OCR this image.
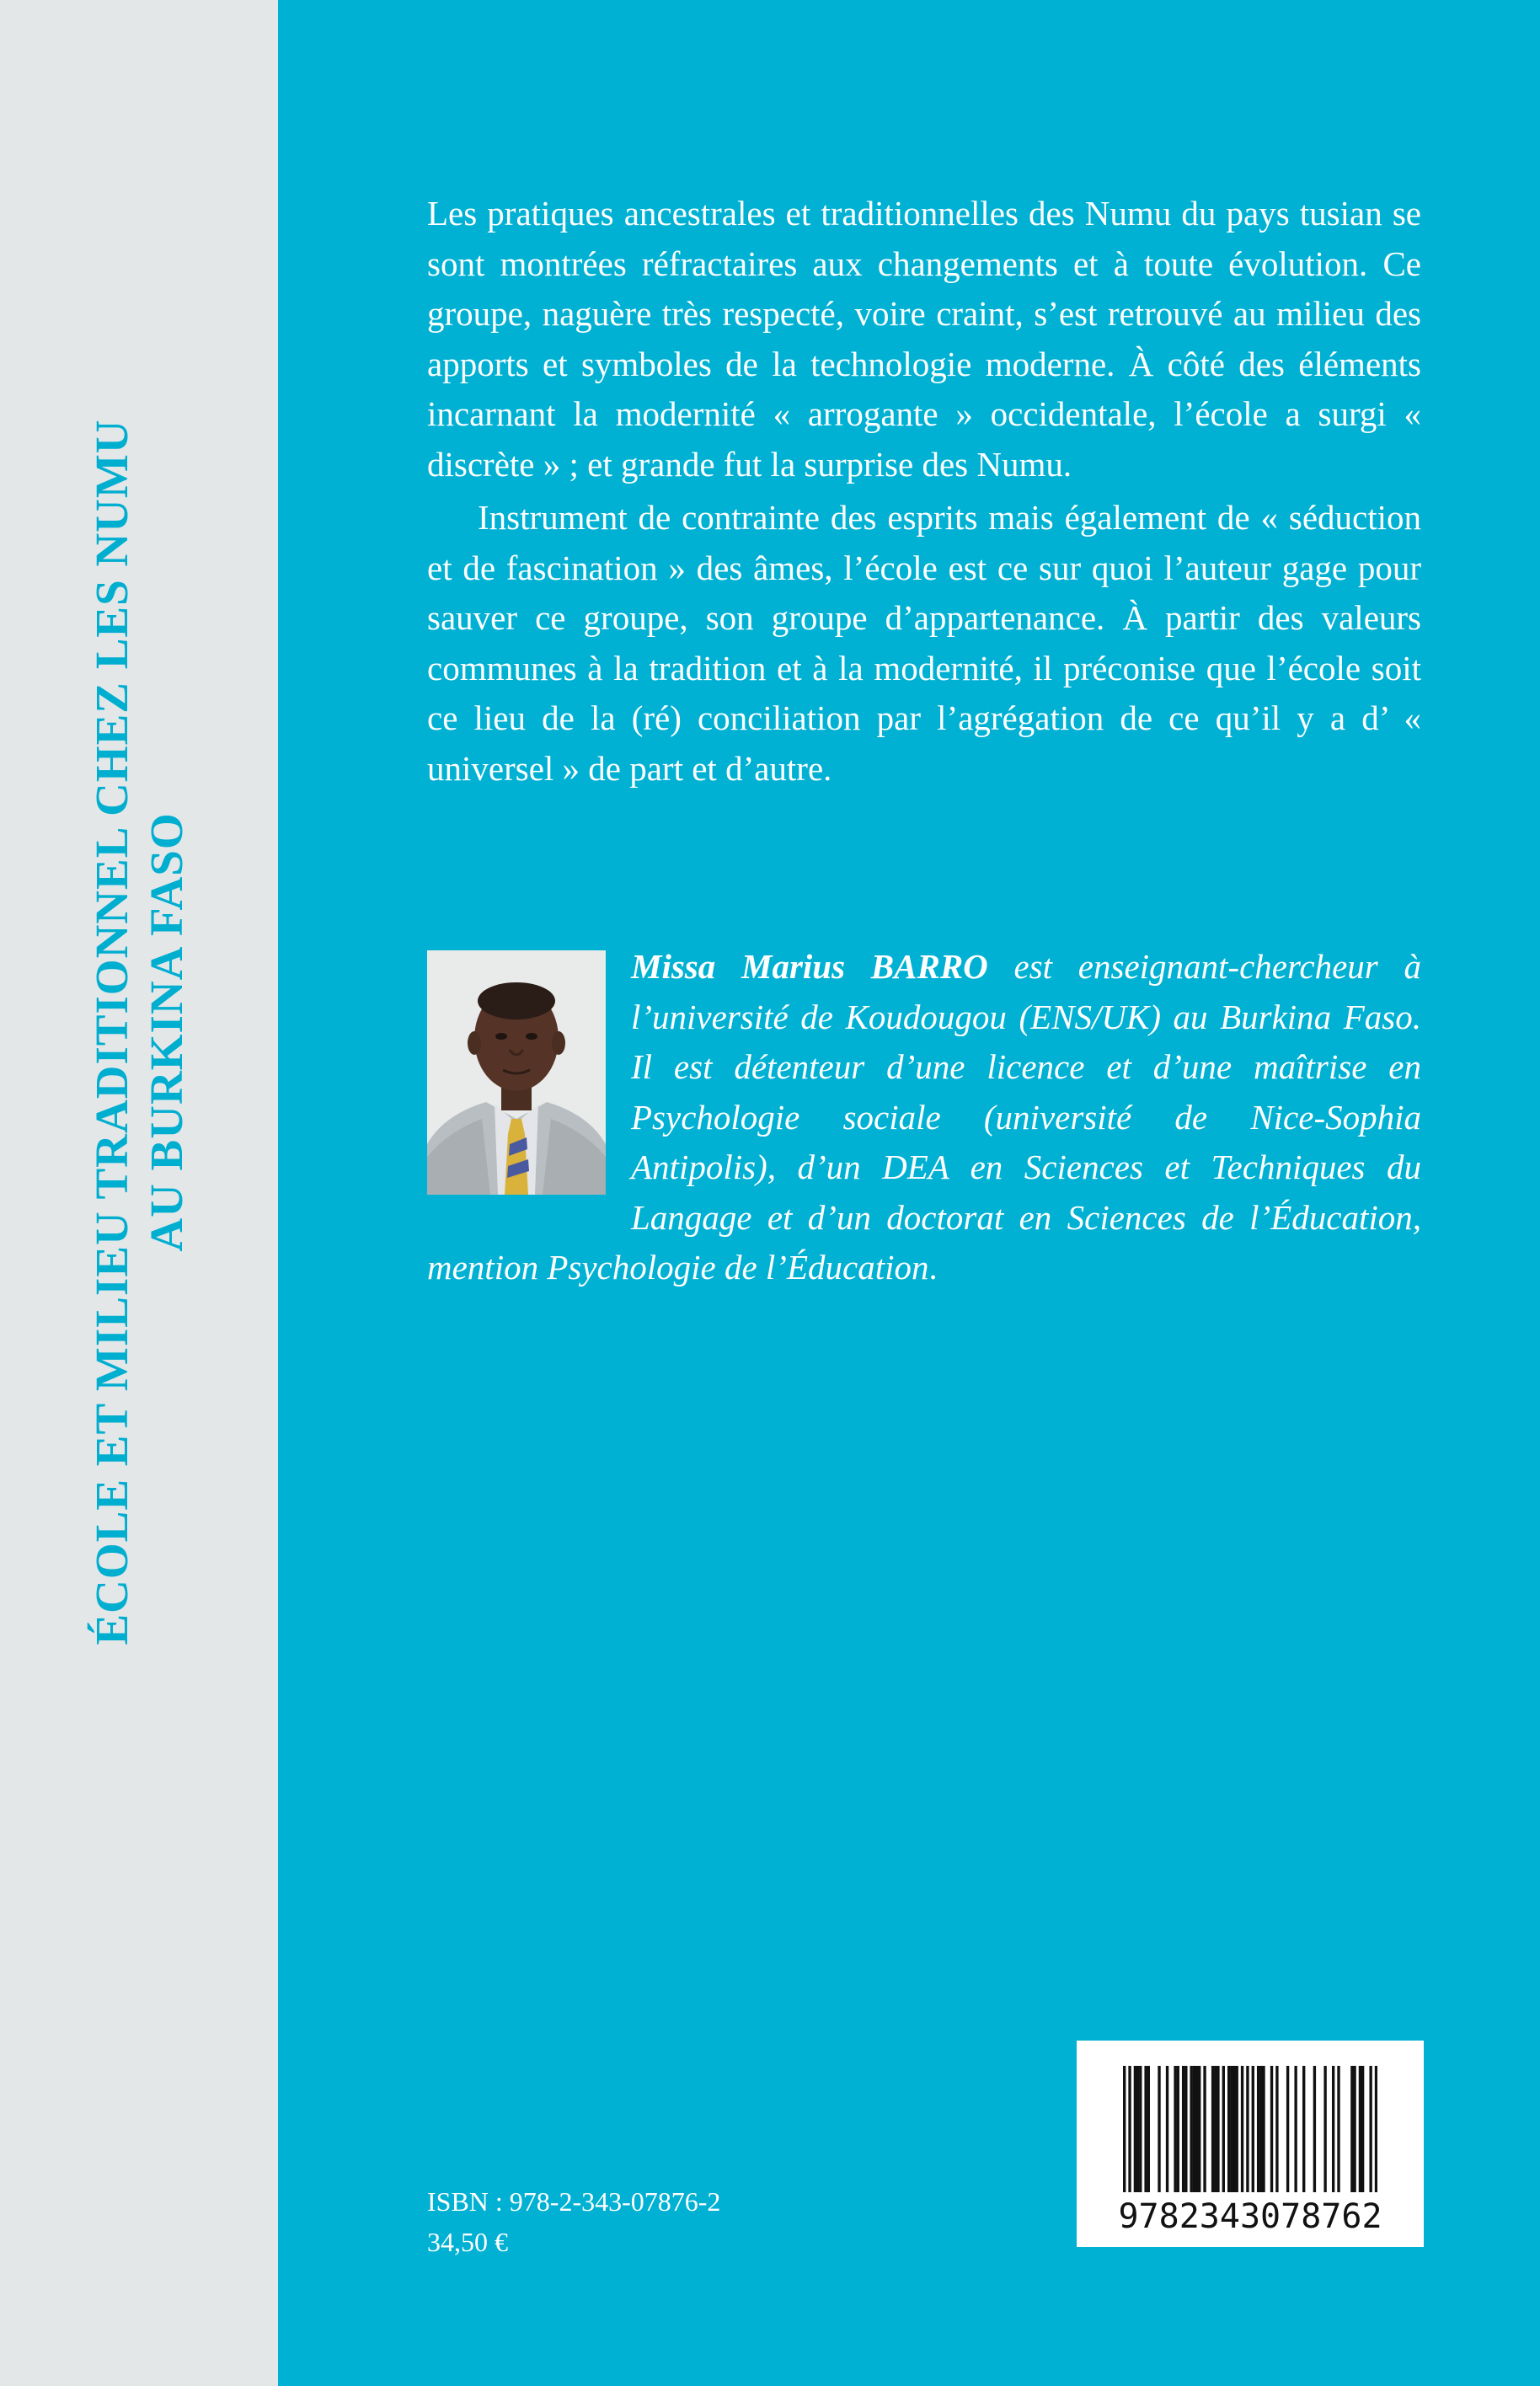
ÉCOLE ET MILIEU TRADITIONNEL CHEZ LES NUMU AU BURKINA FASO

Les pratiques ancestrales et traditionnelles des Numu du pays tusian se sont montrées réfractaires aux changements et à toute évolution. Ce groupe, naguère très respecté, voire craint, s’est retrouvé au milieu des apports et symboles de la technologie moderne. À côté des éléments incarnant la modernité « arrogante » occidentale, l’école a surgi « discrète » ; et grande fut la surprise des Numu.

Instrument de contrainte des esprits mais également de « séduction et de fascination » des âmes, l’école est ce sur quoi l’auteur gage pour sauver ce groupe, son groupe d’appartenance. À partir des valeurs communes à la tradition et à la modernité, il préconise que l’école soit ce lieu de la (ré) conciliation par l’agrégation de ce qu’il y a d’ « universel » de part et d’autre.

Missa Marius BARRO est enseignant-chercheur à l’université de Koudougou (ENS/UK) au Burkina Faso. Il est détenteur d’une licence et d’une maîtrise en Psychologie sociale (université de Nice-Sophia Antipolis), d’un DEA en Sciences et Techniques du Langage et d’un doctorat en Sciences de l’Éducation, mention Psychologie de l’Éducation.

9782343078762
ISBN : 978-2-343-07876-2
34,50 €
